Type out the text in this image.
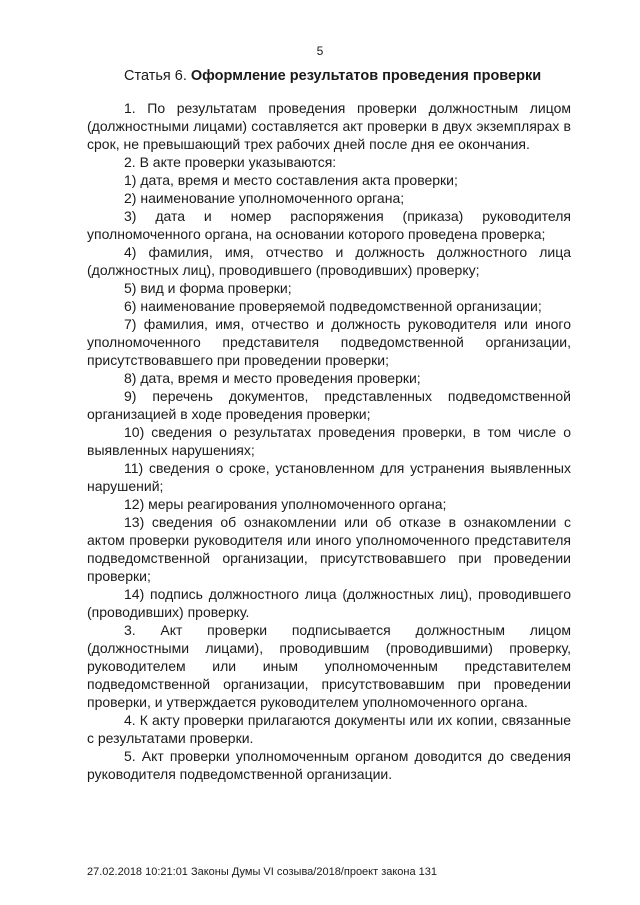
5
Статья 6. Оформление результатов проведения проверки

1. По результатам проведения проверки должностным лицом (должностными лицами) составляется акт проверки в двух экземплярах в срок, не превышающий трех рабочих дней после дня ее окончания.

2. В акте проверки указываются:

1) дата, время и место составления акта проверки;

2) наименование уполномоченного органа;

3) дата и номер распоряжения (приказа) руководителя уполномоченного органа, на основании которого проведена проверка;

4) фамилия, имя, отчество и должность должностного лица (должностных лиц), проводившего (проводивших) проверку;

5) вид и форма проверки;

6) наименование проверяемой подведомственной организации;

7) фамилия, имя, отчество и должность руководителя или иного уполномоченного представителя подведомственной организации, присутствовавшего при проведении проверки;

8) дата, время и место проведения проверки;

9) перечень документов, представленных подведомственной организацией в ходе проведения проверки;

10) сведения о результатах проведения проверки, в том числе о выявленных нарушениях;

11) сведения о сроке, установленном для устранения выявленных нарушений;

12) меры реагирования уполномоченного органа;

13) сведения об ознакомлении или об отказе в ознакомлении с актом проверки руководителя или иного уполномоченного представителя подведомственной организации, присутствовавшего при проведении проверки;

14) подпись должностного лица (должностных лиц), проводившего (проводивших) проверку.

3. Акт проверки подписывается должностным лицом (должностными лицами), проводившим (проводившими) проверку, руководителем или иным уполномоченным представителем подведомственной организации, присутствовавшим при проведении проверки, и утверждается руководителем уполномоченного органа.

4. К акту проверки прилагаются документы или их копии, связанные с результатами проверки.

5. Акт проверки уполномоченным органом доводится до сведения руководителя подведомственной организации.

27.02.2018 10:21:01 Законы Думы VI созыва/2018/проект закона 131
